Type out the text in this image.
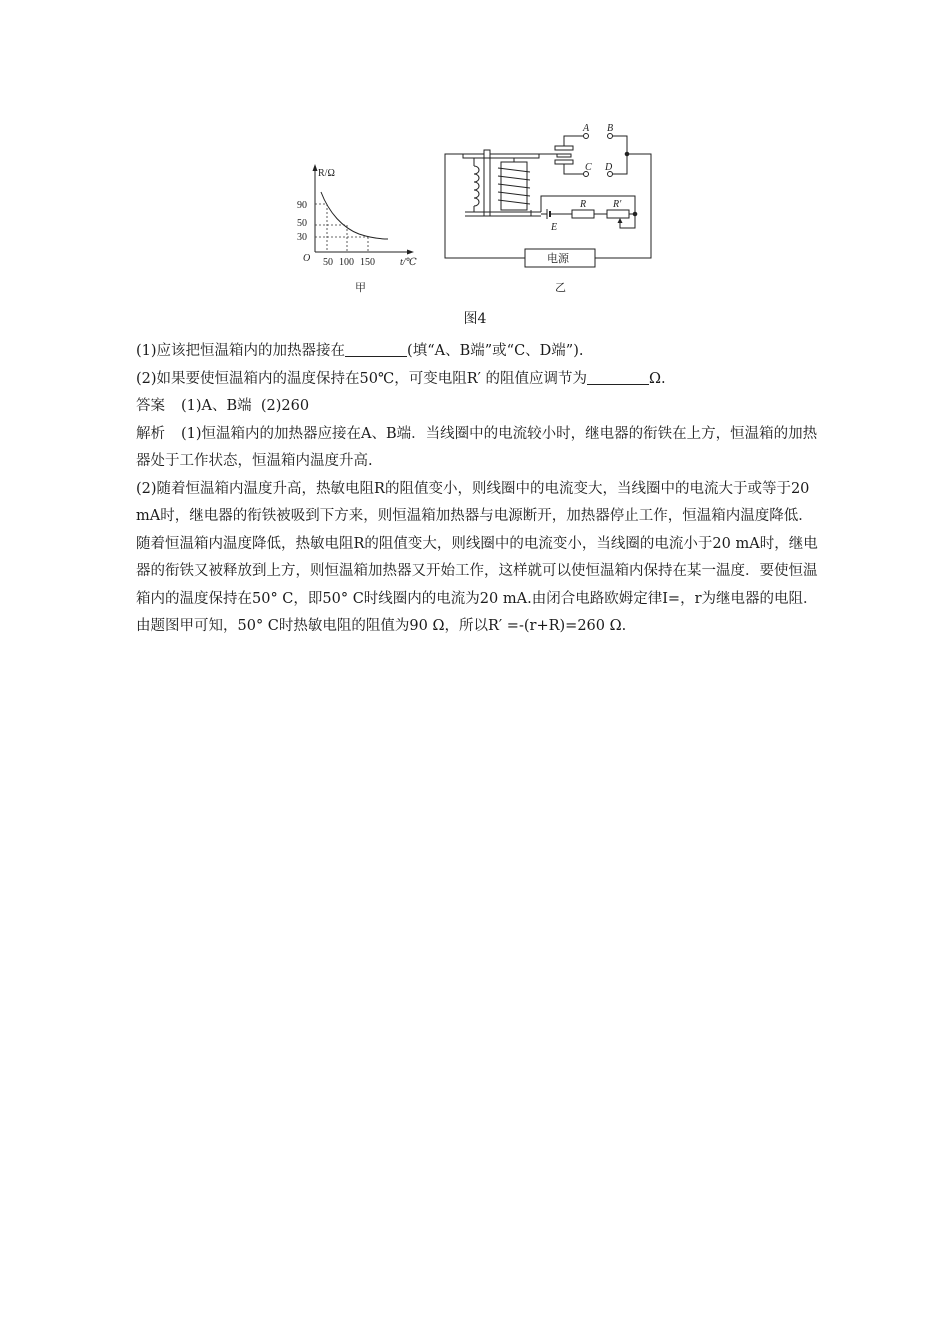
R/Ω
t/℃
O
90
50
30
50 100 150
甲
A B
C D
R	R′
E
电源
乙
图4

(1)应该把恒温箱内的加热器接在	(填“A、B端”或“C、D端”).

(2)如果要使恒温箱内的温度保持在50℃，可变电阻R′ 的阻值应调节为	Ω.

答案 (1)A、B端 (2)260

解析 (1)恒温箱内的加热器应接在A、B端．当线圈中的电流较小时，继电器的衔铁在上方，恒温箱的加热器处于工作状态，恒温箱内温度升高.

(2)随着恒温箱内温度升高，热敏电阻R的阻值变小，则线圈中的电流变大，当线圈中的电流大于或等于20 mA时，继电器的衔铁被吸到下方来，则恒温箱加热器与电源断开，加热器停止工作，恒温箱内温度降低．随着恒温箱内温度降低，热敏电阻R的阻值变大，则线圈中的电流变小，当线圈的电流小于20 mA时，继电器的衔铁又被释放到上方，则恒温箱加热器又开始工作，这样就可以使恒温箱内保持在某一温度．要使恒温箱内的温度保持在50° C，即50° C时线圈内的电流为20 mA.由闭合电路欧姆定律I=，r为继电器的电阻．由题图甲可知，50° C时热敏电阻的阻值为90 Ω，所以R′ =-(r+R)=260 Ω.
